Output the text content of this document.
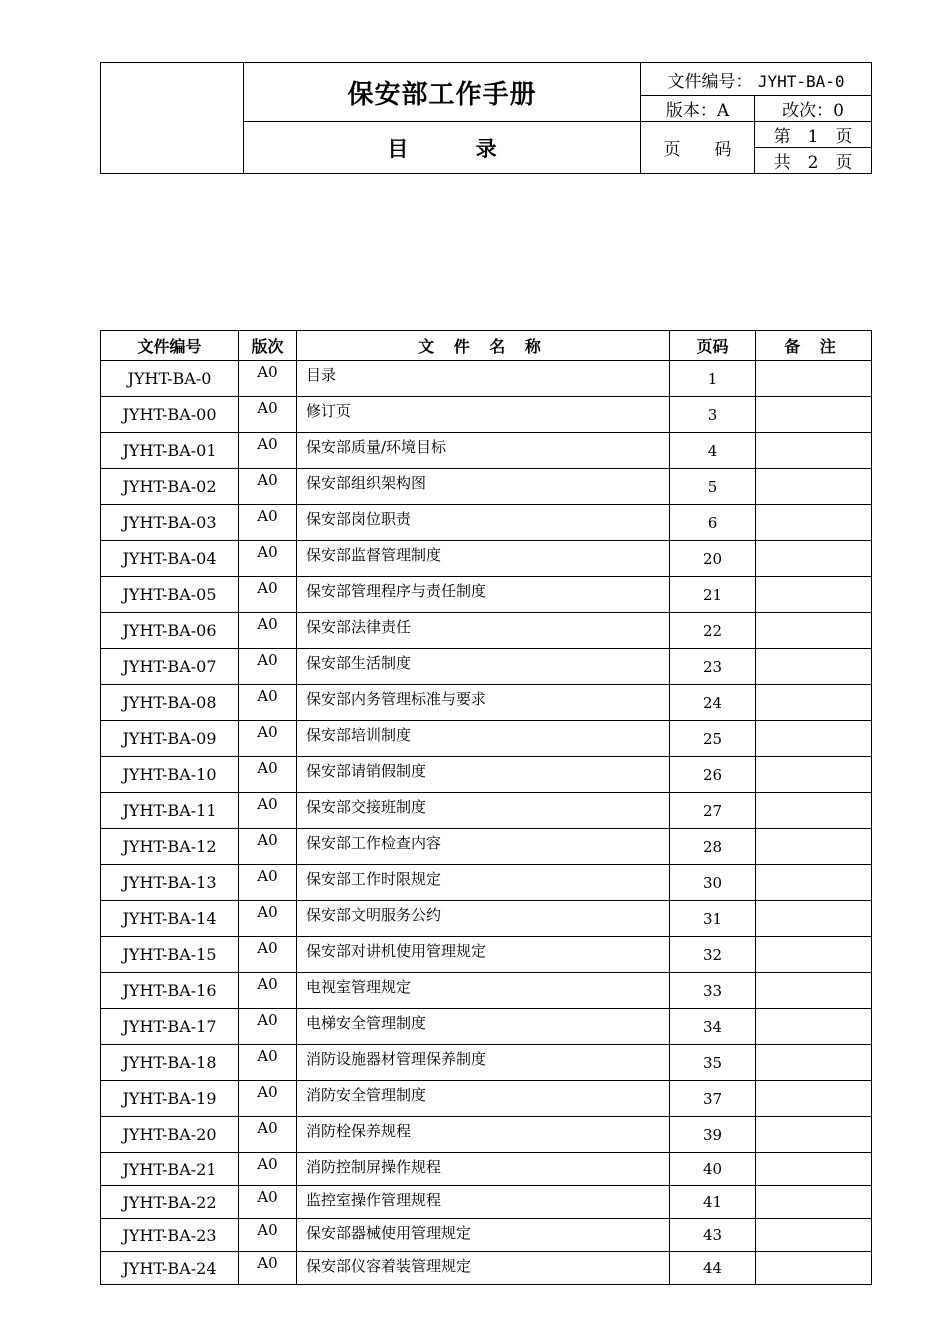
	保安部工作手册	文件编号： JYHT-BA-0	
		版本：A	改次：0
	目 录	页　　码	第　1　页
			共　2　页
文件编号	版次	文 件 名 称	页码	备 注
JYHT-BA-0	A0	目录	1	
JYHT-BA-00	A0	修订页	3	
JYHT-BA-01	A0	保安部质量/环境目标	4	
JYHT-BA-02	A0	保安部组织架构图	5	
JYHT-BA-03	A0	保安部岗位职责	6	
JYHT-BA-04	A0	保安部监督管理制度	20	
JYHT-BA-05	A0	保安部管理程序与责任制度	21	
JYHT-BA-06	A0	保安部法律责任	22	
JYHT-BA-07	A0	保安部生活制度	23	
JYHT-BA-08	A0	保安部内务管理标准与要求	24	
JYHT-BA-09	A0	保安部培训制度	25	
JYHT-BA-10	A0	保安部请销假制度	26	
JYHT-BA-11	A0	保安部交接班制度	27	
JYHT-BA-12	A0	保安部工作检查内容	28	
JYHT-BA-13	A0	保安部工作时限规定	30	
JYHT-BA-14	A0	保安部文明服务公约	31	
JYHT-BA-15	A0	保安部对讲机使用管理规定	32	
JYHT-BA-16	A0	电视室管理规定	33	
JYHT-BA-17	A0	电梯安全管理制度	34	
JYHT-BA-18	A0	消防设施器材管理保养制度	35	
JYHT-BA-19	A0	消防安全管理制度	37	
JYHT-BA-20	A0	消防栓保养规程	39	
JYHT-BA-21	A0	消防控制屏操作规程	40	
JYHT-BA-22	A0	监控室操作管理规程	41	
JYHT-BA-23	A0	保安部器械使用管理规定	43	
JYHT-BA-24	A0	保安部仪容着装管理规定	44	
